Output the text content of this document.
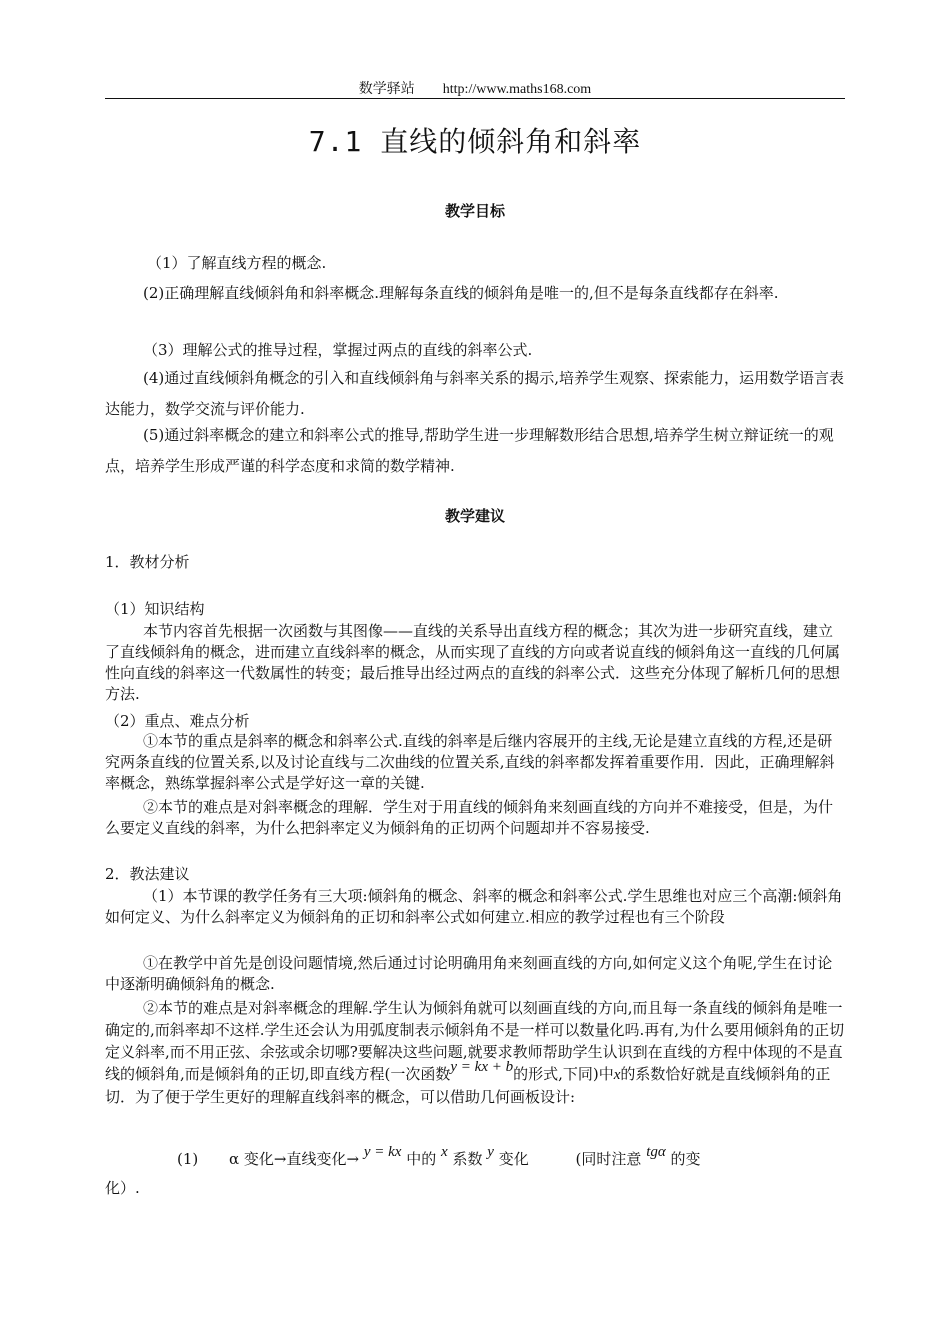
数学驿站 http://www.maths168.com
7.1 直线的倾斜角和斜率
教学目标
（1）了解直线方程的概念.
(2)正确理解直线倾斜角和斜率概念.理解每条直线的倾斜角是唯一的,但不是每条直线都存在斜率.
（3）理解公式的推导过程，掌握过两点的直线的斜率公式.
(4)通过直线倾斜角概念的引入和直线倾斜角与斜率关系的揭示,培养学生观察、探索能力，运用数学语言表达能力，数学交流与评价能力.
(5)通过斜率概念的建立和斜率公式的推导,帮助学生进一步理解数形结合思想,培养学生树立辩证统一的观点，培养学生形成严谨的科学态度和求简的数学精神.
教学建议
1．教材分析
（1）知识结构
本节内容首先根据一次函数与其图像——直线的关系导出直线方程的概念；其次为进一步研究直线，建立了直线倾斜角的概念，进而建立直线斜率的概念，从而实现了直线的方向或者说直线的倾斜角这一直线的几何属性向直线的斜率这一代数属性的转变；最后推导出经过两点的直线的斜率公式．这些充分体现了解析几何的思想方法.
（2）重点、难点分析
①本节的重点是斜率的概念和斜率公式.直线的斜率是后继内容展开的主线,无论是建立直线的方程,还是研究两条直线的位置关系,以及讨论直线与二次曲线的位置关系,直线的斜率都发挥着重要作用．因此，正确理解斜率概念，熟练掌握斜率公式是学好这一章的关键.
②本节的难点是对斜率概念的理解．学生对于用直线的倾斜角来刻画直线的方向并不难接受，但是，为什么要定义直线的斜率，为什么把斜率定义为倾斜角的正切两个问题却并不容易接受.
2．教法建议
（1）本节课的教学任务有三大项:倾斜角的概念、斜率的概念和斜率公式.学生思维也对应三个高潮:倾斜角如何定义、为什么斜率定义为倾斜角的正切和斜率公式如何建立.相应的教学过程也有三个阶段
①在教学中首先是创设问题情境,然后通过讨论明确用角来刻画直线的方向,如何定义这个角呢,学生在讨论中逐渐明确倾斜角的概念.
②本节的难点是对斜率概念的理解.学生认为倾斜角就可以刻画直线的方向,而且每一条直线的倾斜角是唯一确定的,而斜率却不这样.学生还会认为用弧度制表示倾斜角不是一样可以数量化吗.再有,为什么要用倾斜角的正切定义斜率,而不用正弦、余弦或余切哪?要解决这些问题,就要求教师帮助学生认识到在直线的方程中体现的不是直线的倾斜角,而是倾斜角的正切,即直线方程(一次函数y = kx + b的形式,下同)中x的系数恰好就是直线倾斜角的正切．为了便于学生更好的理解直线斜率的概念，可以借助几何画板设计:
(1) α 变化→直线变化→ y = kx 中的 x 系数 y 变化	(同时注意 tgα 的变
化）.
